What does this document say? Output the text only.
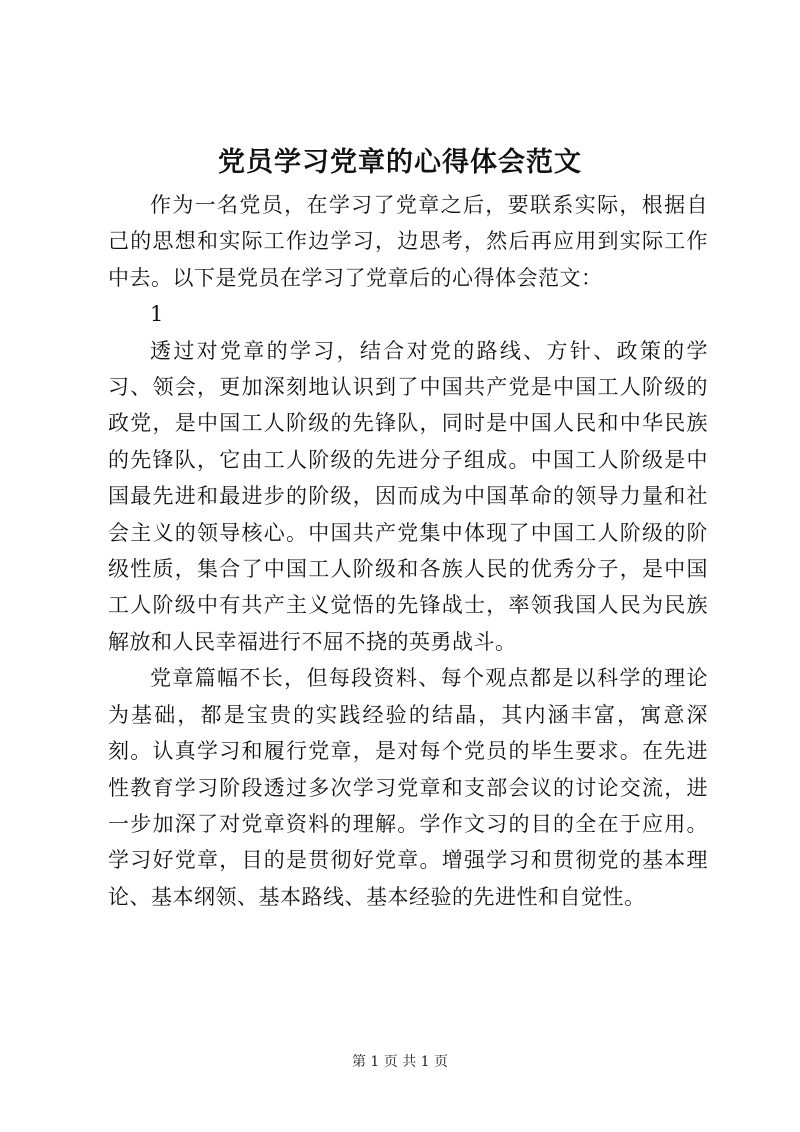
党员学习党章的心得体会范文

作为一名党员，在学习了党章之后，要联系实际，根据自己的思想和实际工作边学习，边思考，然后再应用到实际工作中去。以下是党员在学习了党章后的心得体会范文：

1

透过对党章的学习，结合对党的路线、方针、政策的学习、领会，更加深刻地认识到了中国共产党是中国工人阶级的政党，是中国工人阶级的先锋队，同时是中国人民和中华民族的先锋队，它由工人阶级的先进分子组成。中国工人阶级是中国最先进和最进步的阶级，因而成为中国革命的领导力量和社会主义的领导核心。中国共产党集中体现了中国工人阶级的阶级性质，集合了中国工人阶级和各族人民的优秀分子，是中国工人阶级中有共产主义觉悟的先锋战士，率领我国人民为民族解放和人民幸福进行不屈不挠的英勇战斗。

党章篇幅不长，但每段资料、每个观点都是以科学的理论为基础，都是宝贵的实践经验的结晶，其内涵丰富，寓意深刻。认真学习和履行党章，是对每个党员的毕生要求。在先进性教育学习阶段透过多次学习党章和支部会议的讨论交流，进一步加深了对党章资料的理解。学作文习的目的全在于应用。学习好党章，目的是贯彻好党章。增强学习和贯彻党的基本理论、基本纲领、基本路线、基本经验的先进性和自觉性。

第 1 页 共 1 页
